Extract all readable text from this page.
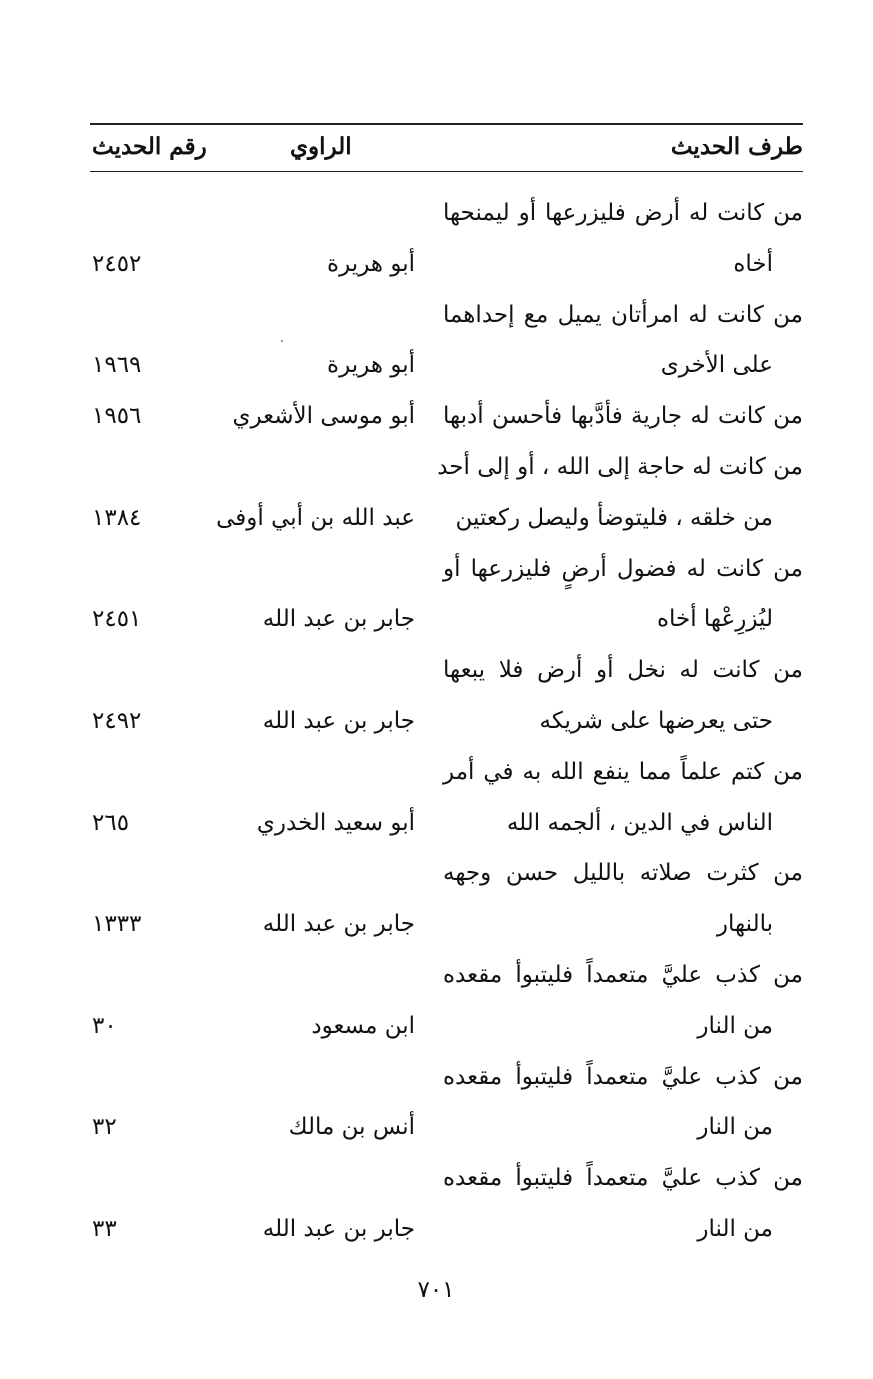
طرف الحديث
الراوي
رقم الحديث
من كانت له أرض فليزرعها أو ليمنحها
أخاه
أبو هريرة
٢٤٥٢
من كانت له امرأتان يميل مع إحداهما
على الأخرى
أبو هريرة
١٩٦٩
من كانت له جارية فأدَّبها فأحسن أدبها
أبو موسى الأشعري
١٩٥٦
من كانت له حاجة إلى الله ، أو إلى أحد
من خلقه ، فليتوضأ وليصل ركعتين
عبد الله بن أبي أوفى
١٣٨٤
من كانت له فضول أرضٍ فليزرعها أو
ليُزرِعْها أخاه
جابر بن عبد الله
٢٤٥١
من كانت له نخل أو أرض فلا يبعها
حتى يعرضها على شريكه
جابر بن عبد الله
٢٤٩٢
من كتم علماً مما ينفع الله به في أمر
الناس في الدين ، ألجمه الله
أبو سعيد الخدري
٢٦٥
من كثرت صلاته بالليل حسن وجهه
بالنهار
جابر بن عبد الله
١٣٣٣
من كذب عليَّ متعمداً فليتبوأ مقعده
من النار
ابن مسعود
٣٠
من كذب عليَّ متعمداً فليتبوأ مقعده
من النار
أنس بن مالك
٣٢
من كذب عليَّ متعمداً فليتبوأ مقعده
من النار
جابر بن عبد الله
٣٣
٧٠١
